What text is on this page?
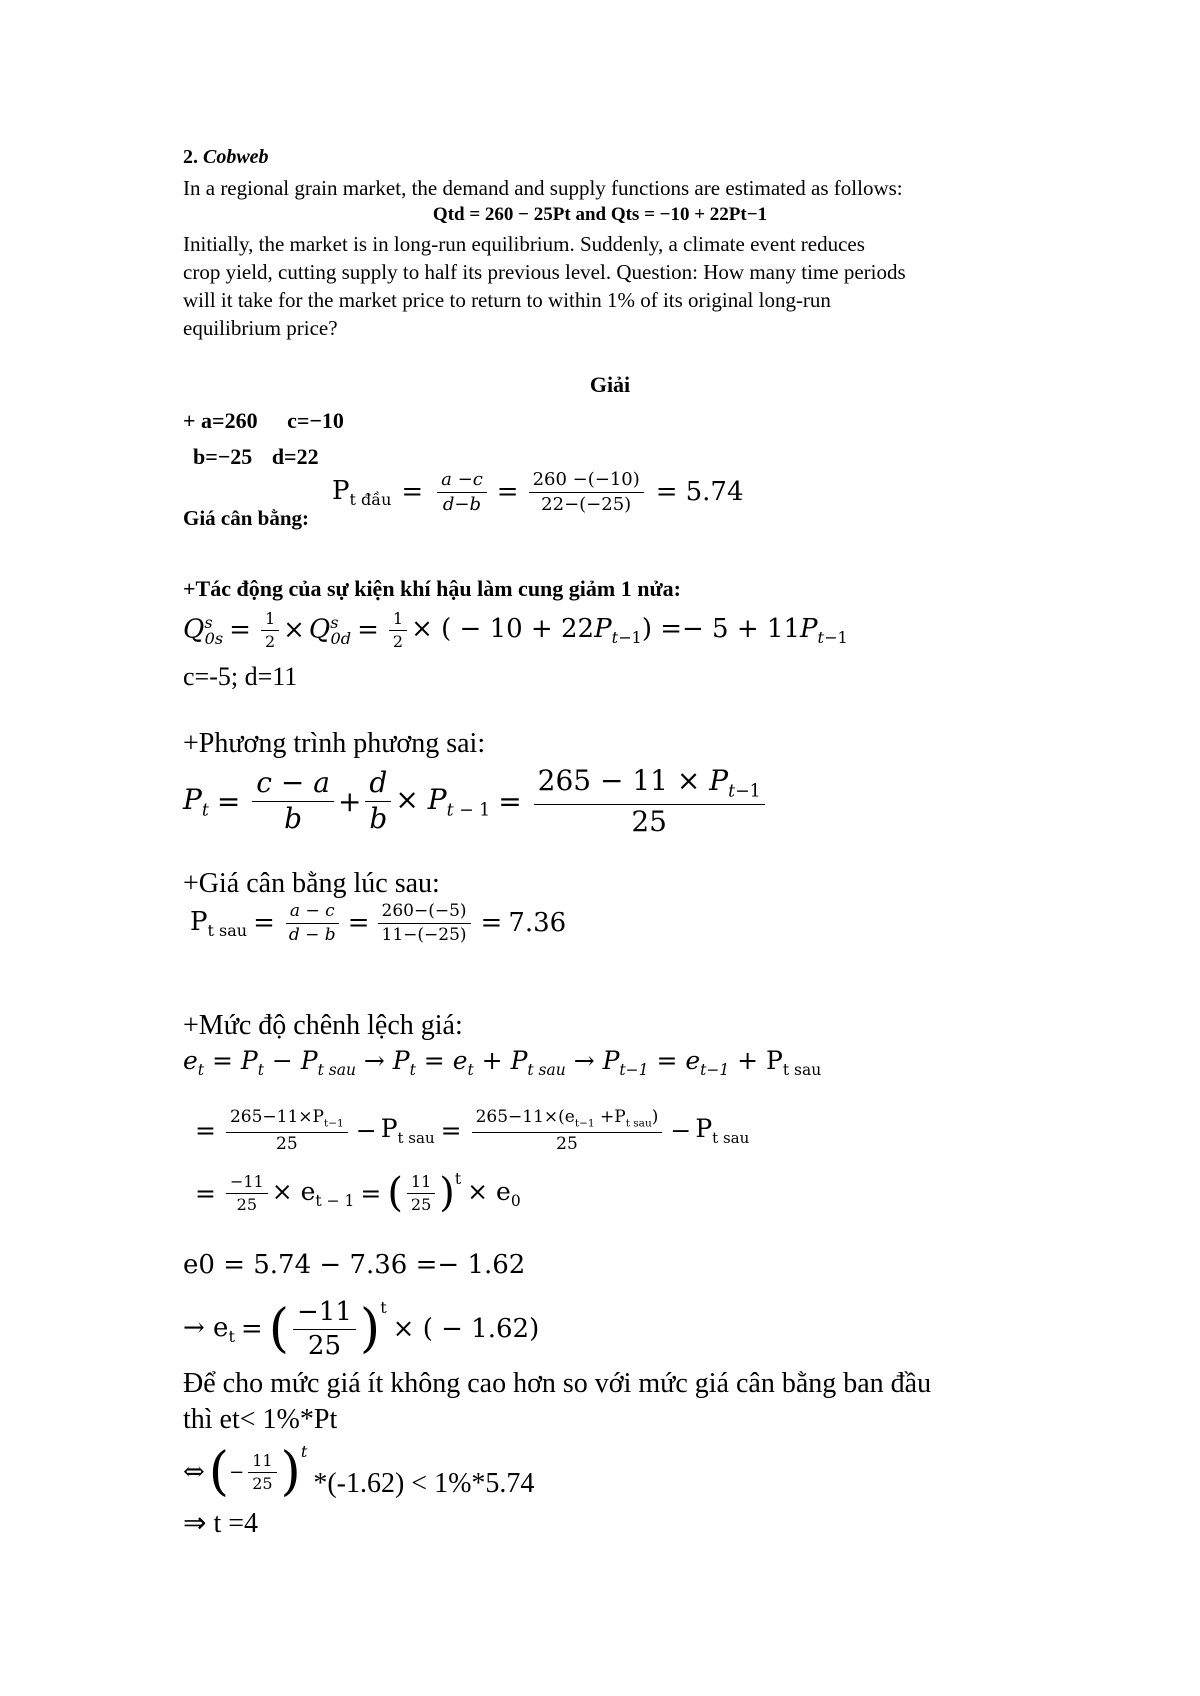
2. Cobweb
In a regional grain market, the demand and supply functions are estimated as follows:
Qtd = 260 − 25Pt and Qts = −10 + 22Pt−1
Initially, the market is in long-run equilibrium. Suddenly, a climate event reduces
crop yield, cutting supply to half its previous level. Question: How many time periods
will it take for the market price to return to within 1% of its original long-run
equilibrium price?
Giải
+ a=260 c=−10
b=−25 d=22
Giá cân bằng:
$P_{t đầu} = \frac{a -c}{d-b} = \frac{260 -(-10)}{22-(-25)} = 5.74$
+Tác động của sự kiện khí hậu làm cung giảm 1 nửa:
$Q^s_{0s} = \frac{1}{2} \times Q^s_{0d} = \frac{1}{2}$ × ( − $10 + 22P_{t-1}) =- 5 + 11P_{t-1}$
c=-5; d=11
+Phương trình phương sai:
$P_t = \frac{c - a}{b} + \frac{d}{b} \times P_{t - 1} = \frac{265 - 11 \times P_{t-1}}{25}$
+Giá cân bằng lúc sau:
$P_{t sau} = \frac{a - c}{d - b} = \frac{260-(-5)}{11-(-25)} = 7.36$
+Mức độ chênh lệch giá:
$e_t = P_t - P_{t sau} \to P_t = e_t + P_{t sau} \to P_{t-1} = e_{t-1} + P_{t sau}$
= $\frac{265-11\times P_{t-1}}{25} - P_{t sau} = \frac{265-11\times(e_{t-1} +P_{t sau})}{25} - P_{t sau}$
= $\frac{-11}{25} \times e_{t - 1}$ = ( $\frac{11}{25} )^t \times e_0$
e0 = 5.74 − 7.36 =− 1.62
→ $e_t$ = ( $\frac{-11}{25} )^t$
× ( − 1.62)
Để cho mức giá ít không cao hơn so với mức giá cân bằng ban đầu
thì et< 1%*Pt
⇔ ( − $\frac{11}{25} )^t$
*(-1.62) < 1%*5.74
⇒ t =4
